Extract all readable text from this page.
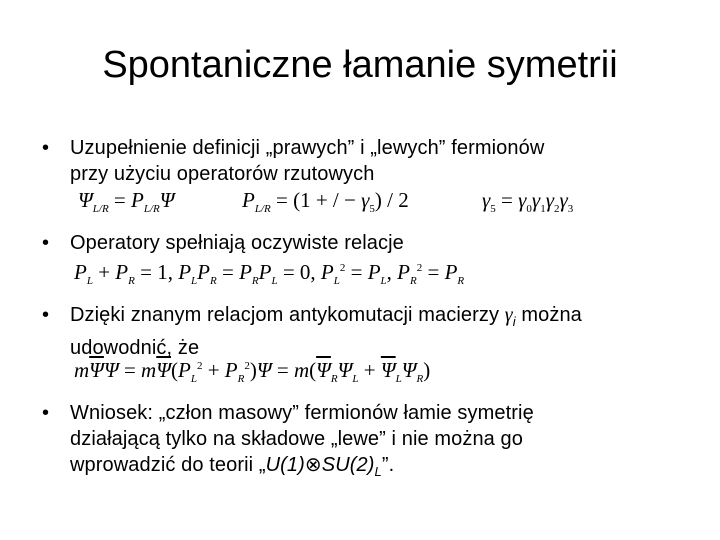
Spontaniczne łamanie symetrii
• Uzupełnienie definicji „prawych” i „lewych” fermionów
przy użyciu operatorów rzutowych
$\Psi_{L/R} = P_{L/R}\Psi$	$P_{L/R} = (1$ + / − $\gamma_5) / 2$	$\gamma_5 = \gamma_0\gamma_1\gamma_2\gamma_3$
• Operatory spełniają oczywiste relacje
$P_L + P_R = 1$, $P_LP_R = P_RP_L = 0$, $P_L^2 = P_L$, $P_R^2 = P_R$
• Dzięki znanym relacjom antykomutacji macierzy $\gamma_i$ można
udowodnić, że
$m\overline{\Psi}\Psi = m\overline{\Psi}(P_L^2 + P_R^2)\Psi = m(\overline{\Psi}_R\Psi_L + \overline{\Psi}_L\Psi_R)$
• Wniosek: „człon masowy” fermionów łamie symetrię
działającą tylko na składowe „lewe” i nie można go
wprowadzić do teorii $„U(1)\otimes SU(2)_L$”.
